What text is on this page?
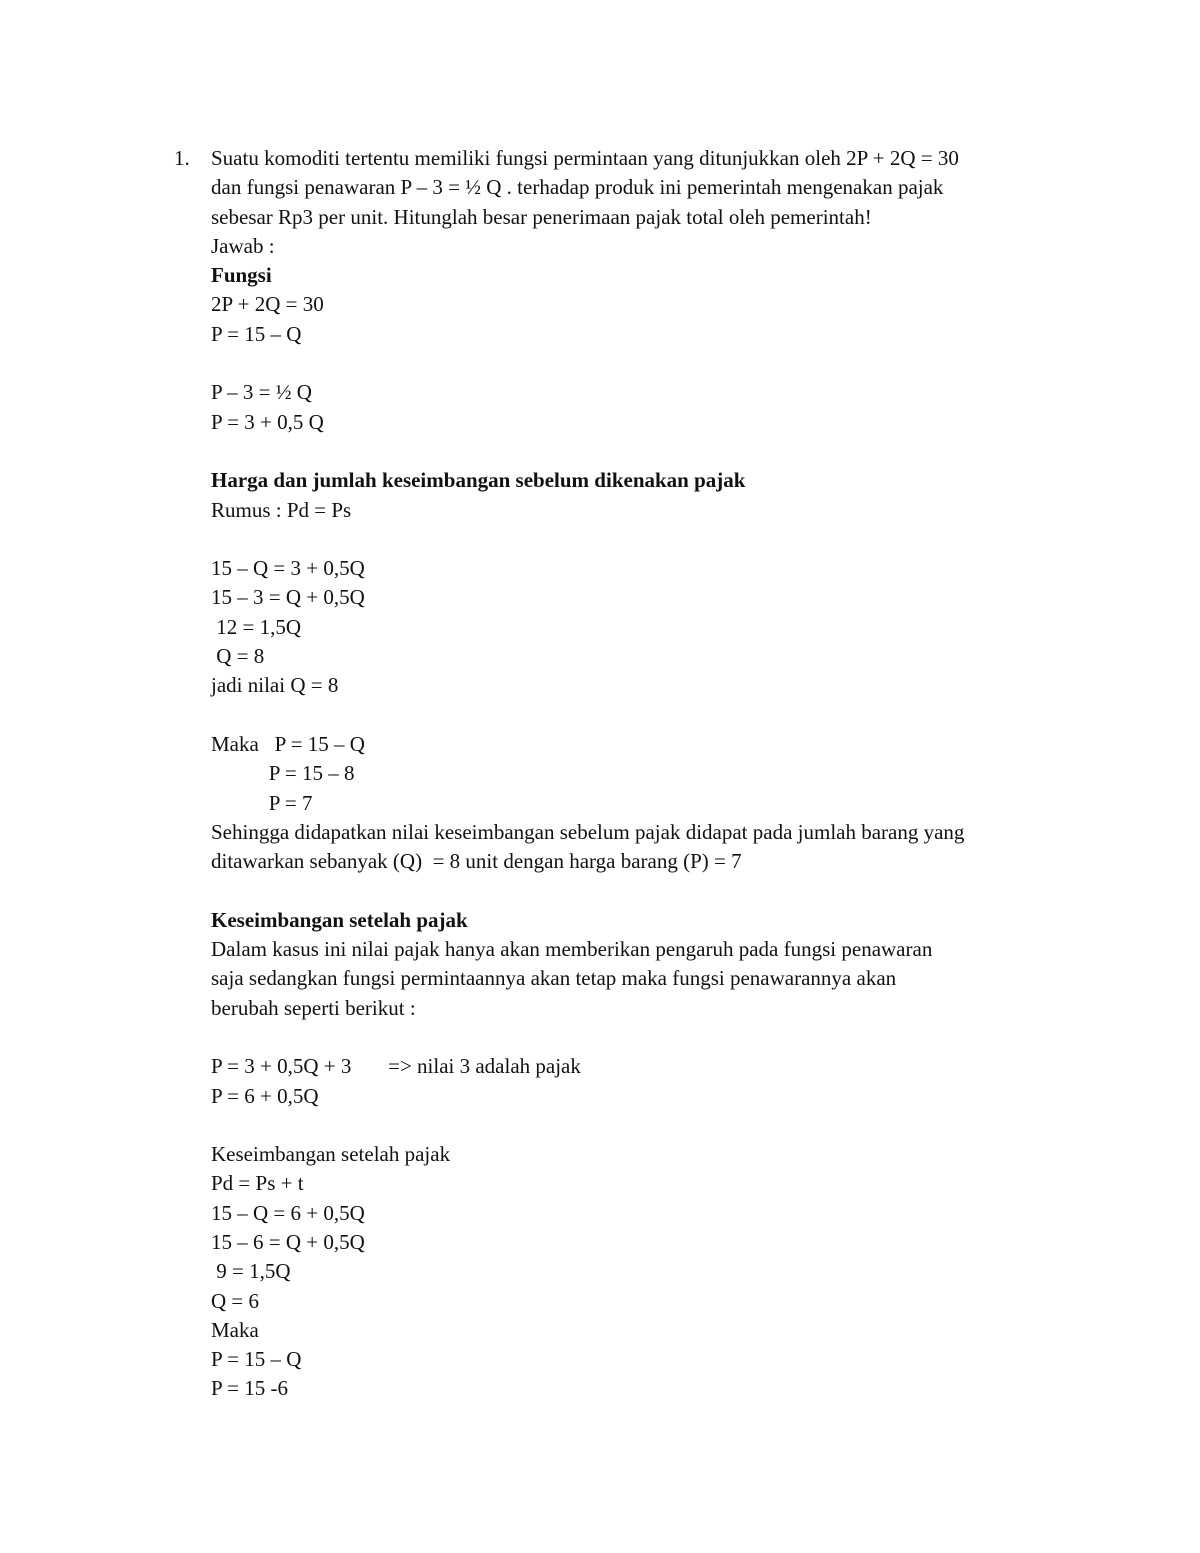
1. Suatu komoditi tertentu memiliki fungsi permintaan yang ditunjukkan oleh 2P + 2Q = 30
dan fungsi penawaran P – 3 = ½ Q . terhadap produk ini pemerintah mengenakan pajak
sebesar Rp3 per unit. Hitunglah besar penerimaan pajak total oleh pemerintah!
Jawab :
Fungsi
2P + 2Q = 30
P = 15 – Q
P – 3 = ½ Q
P = 3 + 0,5 Q
Harga dan jumlah keseimbangan sebelum dikenakan pajak
Rumus : Pd = Ps
15 – Q = 3 + 0,5Q
15 – 3 = Q + 0,5Q
12 = 1,5Q
Q = 8
jadi nilai Q = 8
Maka   P = 15 – Q
P = 15 – 8
P = 7
Sehingga didapatkan nilai keseimbangan sebelum pajak didapat pada jumlah barang yang
ditawarkan sebanyak (Q)  = 8 unit dengan harga barang (P) = 7
Keseimbangan setelah pajak
Dalam kasus ini nilai pajak hanya akan memberikan pengaruh pada fungsi penawaran
saja sedangkan fungsi permintaannya akan tetap maka fungsi penawarannya akan
berubah seperti berikut :
P = 3 + 0,5Q + 3       => nilai 3 adalah pajak
P = 6 + 0,5Q
Keseimbangan setelah pajak
Pd = Ps + t
15 – Q = 6 + 0,5Q
15 – 6 = Q + 0,5Q
9 = 1,5Q
Q = 6
Maka
P = 15 – Q
P = 15 -6
